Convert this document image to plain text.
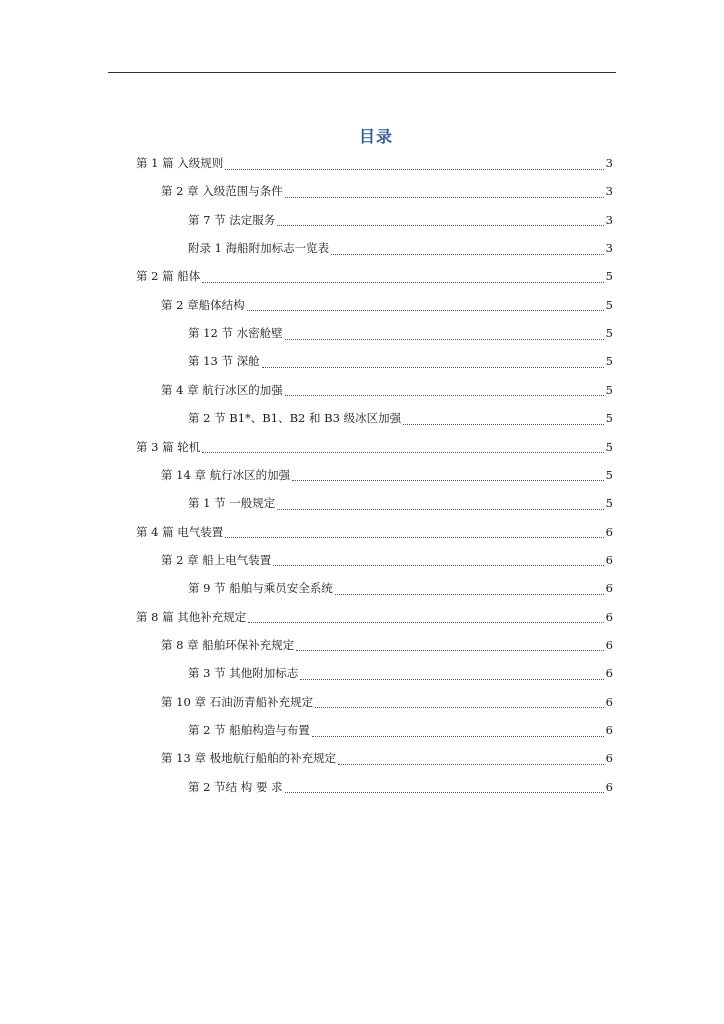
目录
第 1 篇 入级规则	3
第 2 章 入级范围与条件	3
第 7 节 法定服务	3
附录 1 海船附加标志一览表	3
第 2 篇 船体	5
第 2 章船体结构	5
第 12 节 水密舱壁	5
第 13 节 深舱	5
第 4 章 航行冰区的加强	5
第 2 节 B1*、B1、B2 和 B3 级冰区加强	5
第 3 篇 轮机	5
第 14 章 航行冰区的加强	5
第 1 节 一般规定	5
第 4 篇 电气装置	6
第 2 章 船上电气装置	6
第 9 节 船舶与乘员安全系统	6
第 8 篇 其他补充规定	6
第 8 章 船舶环保补充规定	6
第 3 节 其他附加标志	6
第 10 章 石油沥青船补充规定	6
第 2 节 船舶构造与布置	6
第 13 章 极地航行船舶的补充规定	6
第 2 节结 构 要 求	6
